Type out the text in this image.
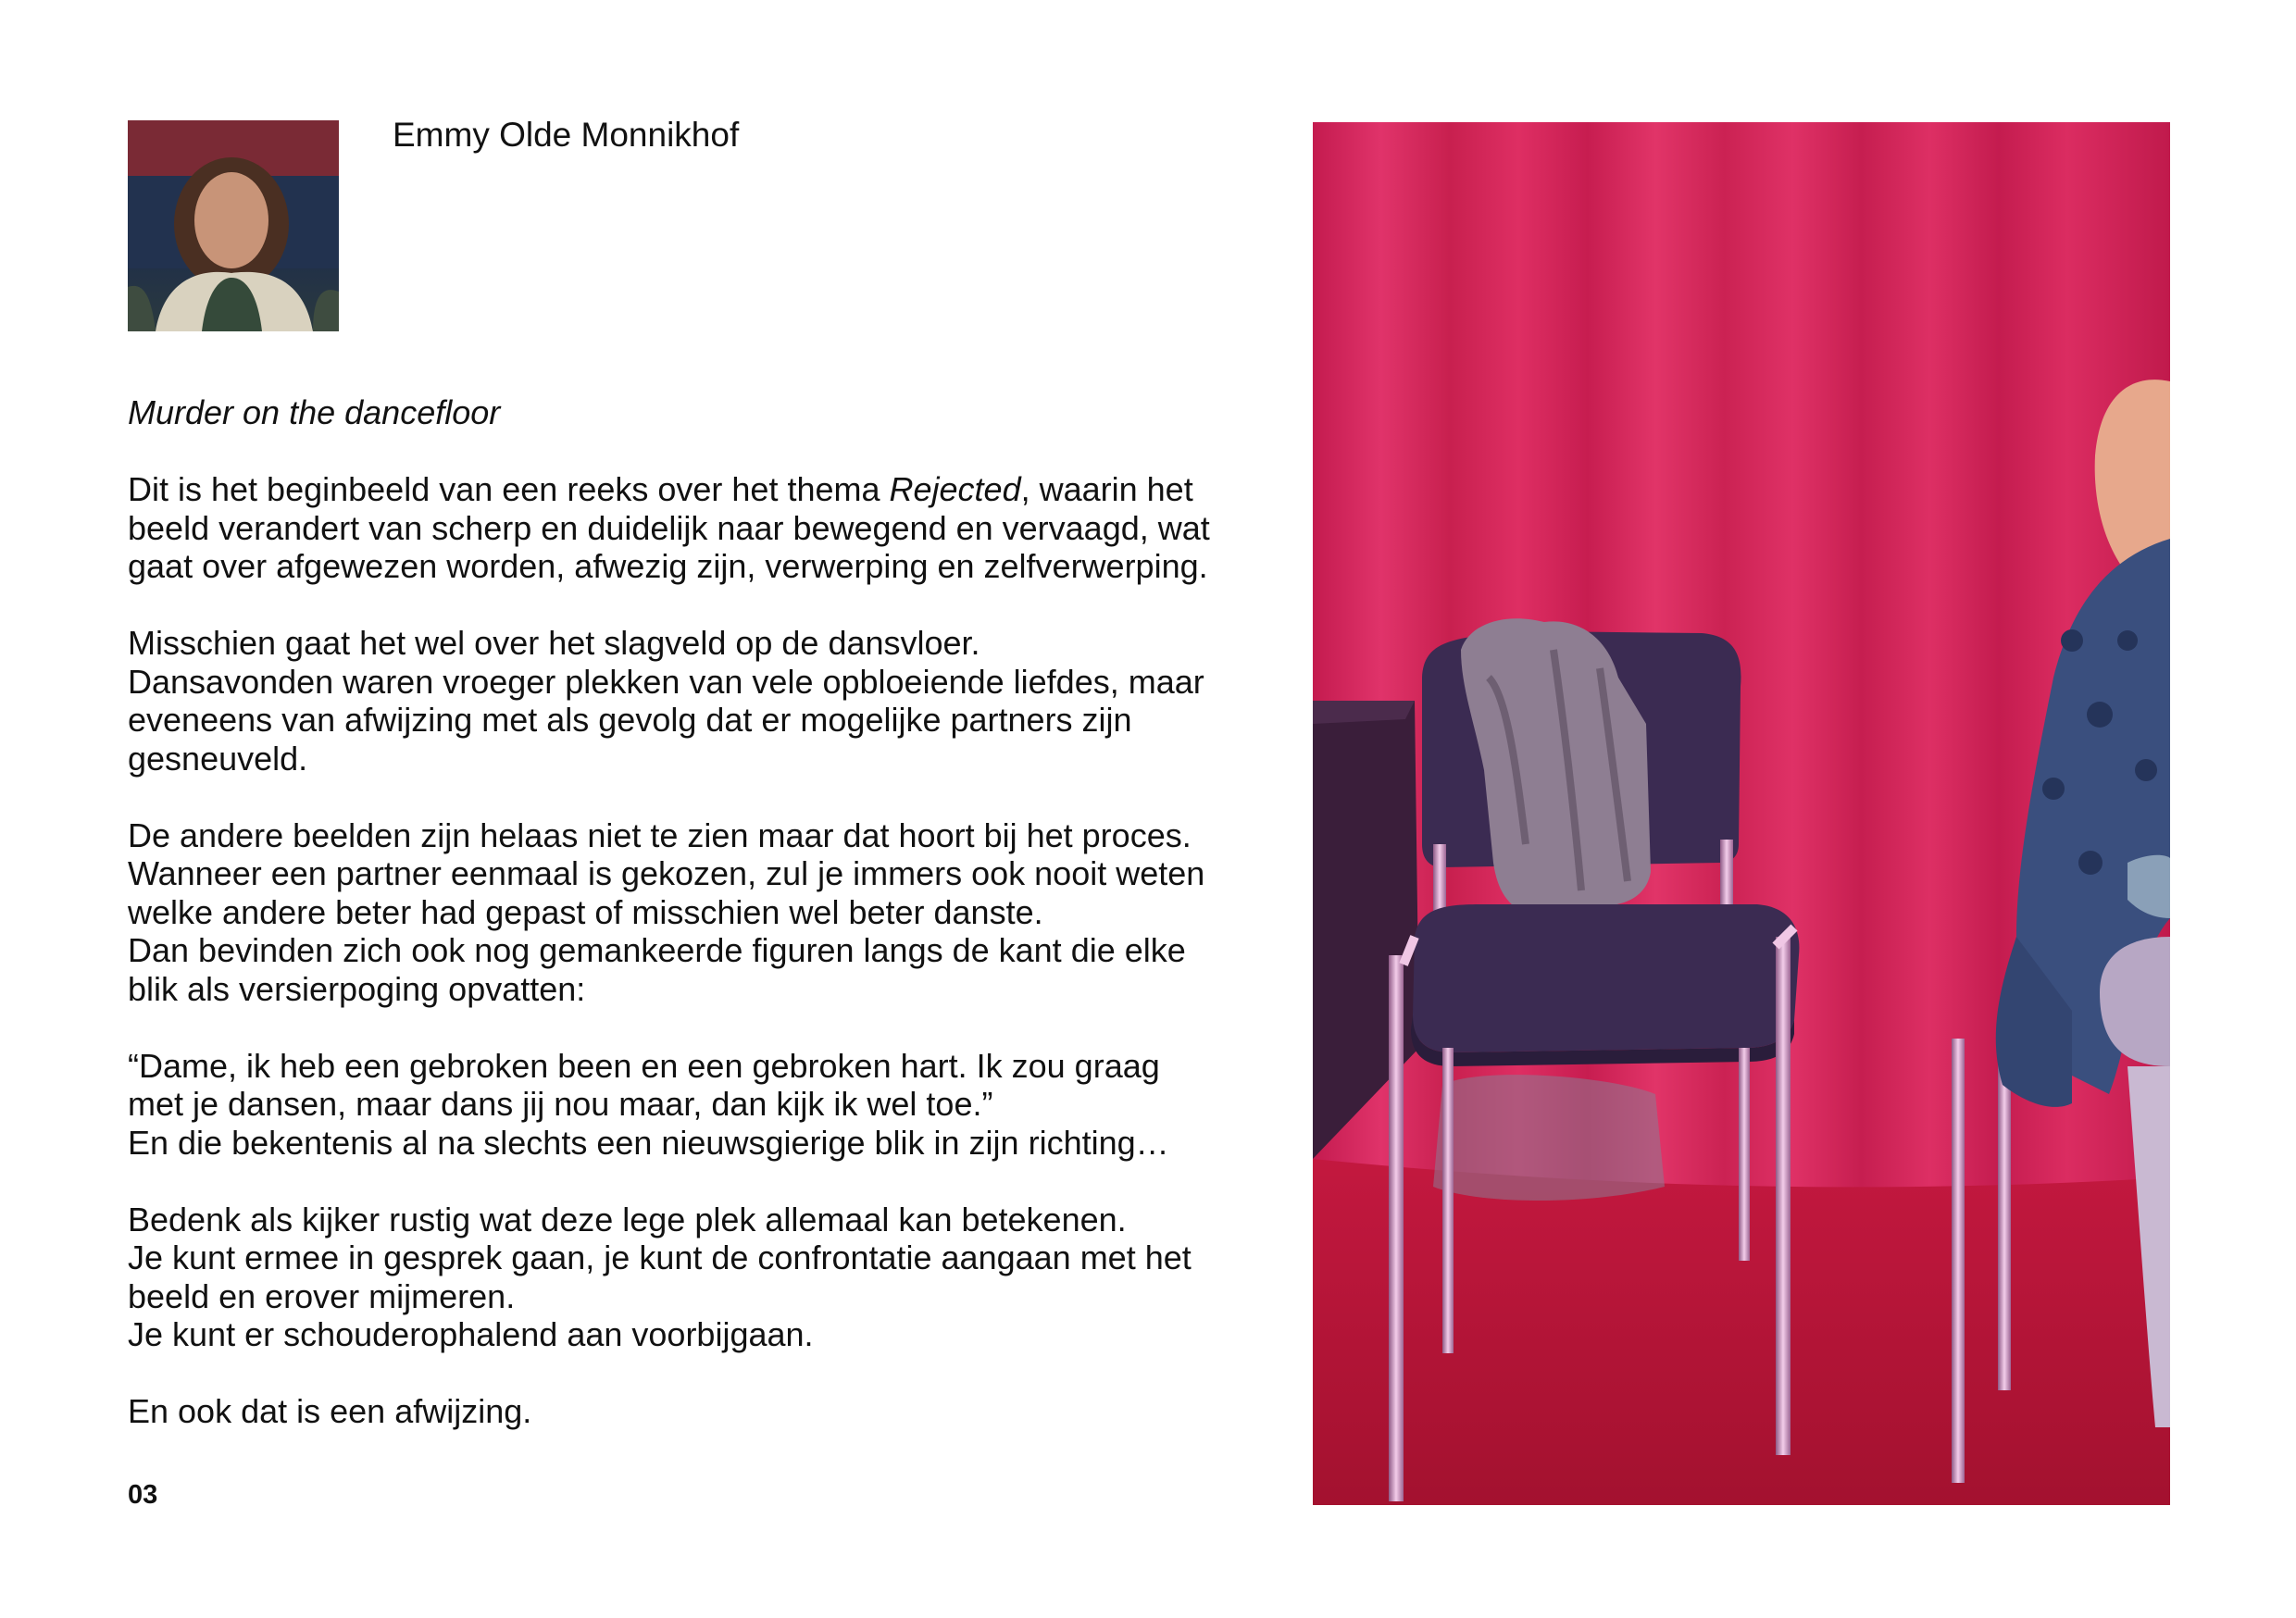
Emmy Olde Monnikhof

Murder on the dancefloor

Dit is het beginbeeld van een reeks over het thema Rejected, waarin het
beeld verandert van scherp en duidelijk naar bewegend en vervaagd, wat
gaat over afgewezen worden, afwezig zijn, verwerping en zelfverwerping.

Misschien gaat het wel over het slagveld op de dansvloer.
Dansavonden waren vroeger plekken van vele opbloeiende liefdes, maar
eveneens van afwijzing met als gevolg dat er mogelijke partners zijn
gesneuveld.

De andere beelden zijn helaas niet te zien maar dat hoort bij het proces.
Wanneer een partner eenmaal is gekozen, zul je immers ook nooit weten
welke andere beter had gepast of misschien wel beter danste.
Dan bevinden zich ook nog gemankeerde figuren langs de kant die elke
blik als versierpoging opvatten:

“Dame, ik heb een gebroken been en een gebroken hart. Ik zou graag
met je dansen, maar dans jij nou maar, dan kijk ik wel toe.”
En die bekentenis al na slechts een nieuwsgierige blik in zijn richting…

Bedenk als kijker rustig wat deze lege plek allemaal kan betekenen.
Je kunt ermee in gesprek gaan, je kunt de confrontatie aangaan met het
beeld en erover mijmeren.
Je kunt er schouderophalend aan voorbijgaan.

En ook dat is een afwijzing.

03
